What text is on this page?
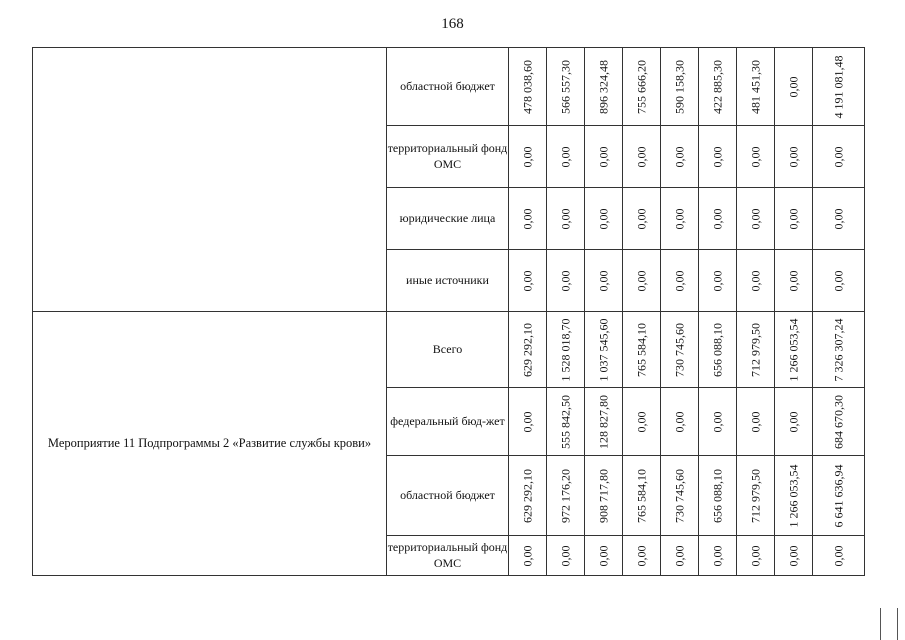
168
	областной бюджет	478 038,60	566 557,30	896 324,48	755 666,20	590 158,30	422 885,30	481 451,30	0,00	4 191 081,48

	территориальный фонд ОМС	0,00	0,00	0,00	0,00	0,00	0,00	0,00	0,00	0,00

	юридические лица	0,00	0,00	0,00	0,00	0,00	0,00	0,00	0,00	0,00

	иные источники	0,00	0,00	0,00	0,00	0,00	0,00	0,00	0,00	0,00

Мероприятие 11 Подпрограммы 2 «Развитие службы крови»	Всего	629 292,10	1 528 018,70	1 037 545,60	765 584,10	730 745,60	656 088,10	712 979,50	1 266 053,54	7 326 307,24

	федеральный бюд-жет	0,00	555 842,50	128 827,80	0,00	0,00	0,00	0,00	0,00	684 670,30

	областной бюджет	629 292,10	972 176,20	908 717,80	765 584,10	730 745,60	656 088,10	712 979,50	1 266 053,54	6 641 636,94

	территориальный фонд ОМС	0,00	0,00	0,00	0,00	0,00	0,00	0,00	0,00	0,00
